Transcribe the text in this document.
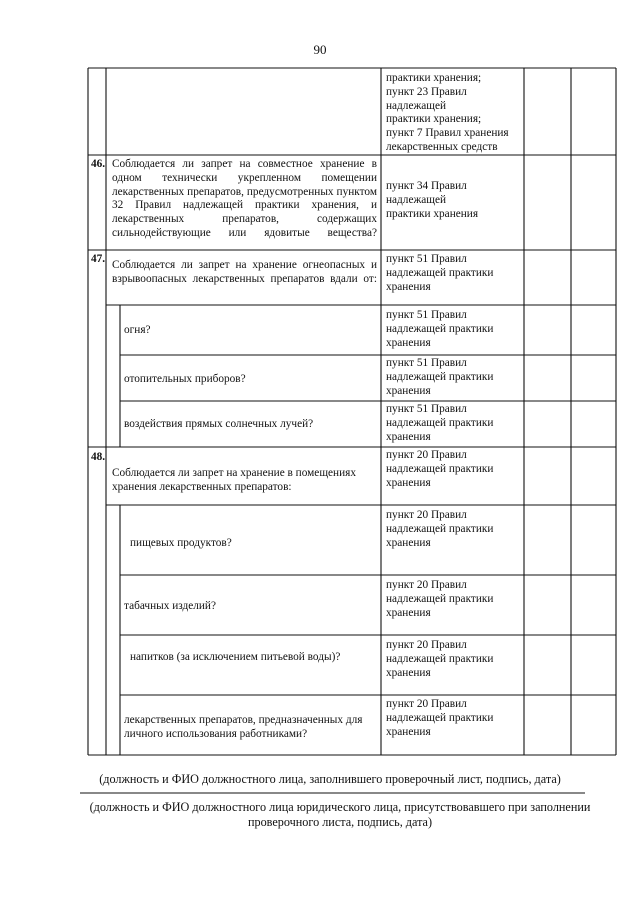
90
практики хранения;
пункт 23 Правил
надлежащей
практики хранения;
пункт 7 Правил хранения
лекарственных средств
46. Соблюдается ли запрет на совместное хранение в одном технически укрепленном помещении лекарственных препаратов, предусмотренных пунктом 32 Правил надлежащей практики хранения, и лекарственных препаратов, содержащих сильнодействующие или ядовитые вещества?
пункт 34 Правил
надлежащей
практики хранения
47. Соблюдается ли запрет на хранение огнеопасных и взрывоопасных лекарственных препаратов вдали от:
пункт 51 Правил
надлежащей практики
хранения
огня?
пункт 51 Правил
надлежащей практики
хранения
отопительных приборов?
пункт 51 Правил
надлежащей практики
хранения
воздействия прямых солнечных лучей?
пункт 51 Правил
надлежащей практики
хранения
48.
Соблюдается ли запрет на хранение в помещениях хранения лекарственных препаратов:
пункт 20 Правил
надлежащей практики
хранения
пищевых продуктов?
пункт 20 Правил
надлежащей практики
хранения
табачных изделий?
пункт 20 Правил
надлежащей практики
хранения
напитков (за исключением питьевой воды)?
пункт 20 Правил
надлежащей практики
хранения
лекарственных препаратов, предназначенных для личного использования работниками?
пункт 20 Правил
надлежащей практики
хранения
(должность и ФИО должностного лица, заполнившего проверочный лист, подпись, дата)
(должность и ФИО должностного лица юридического лица, присутствовавшего при заполнении проверочного листа, подпись, дата)
